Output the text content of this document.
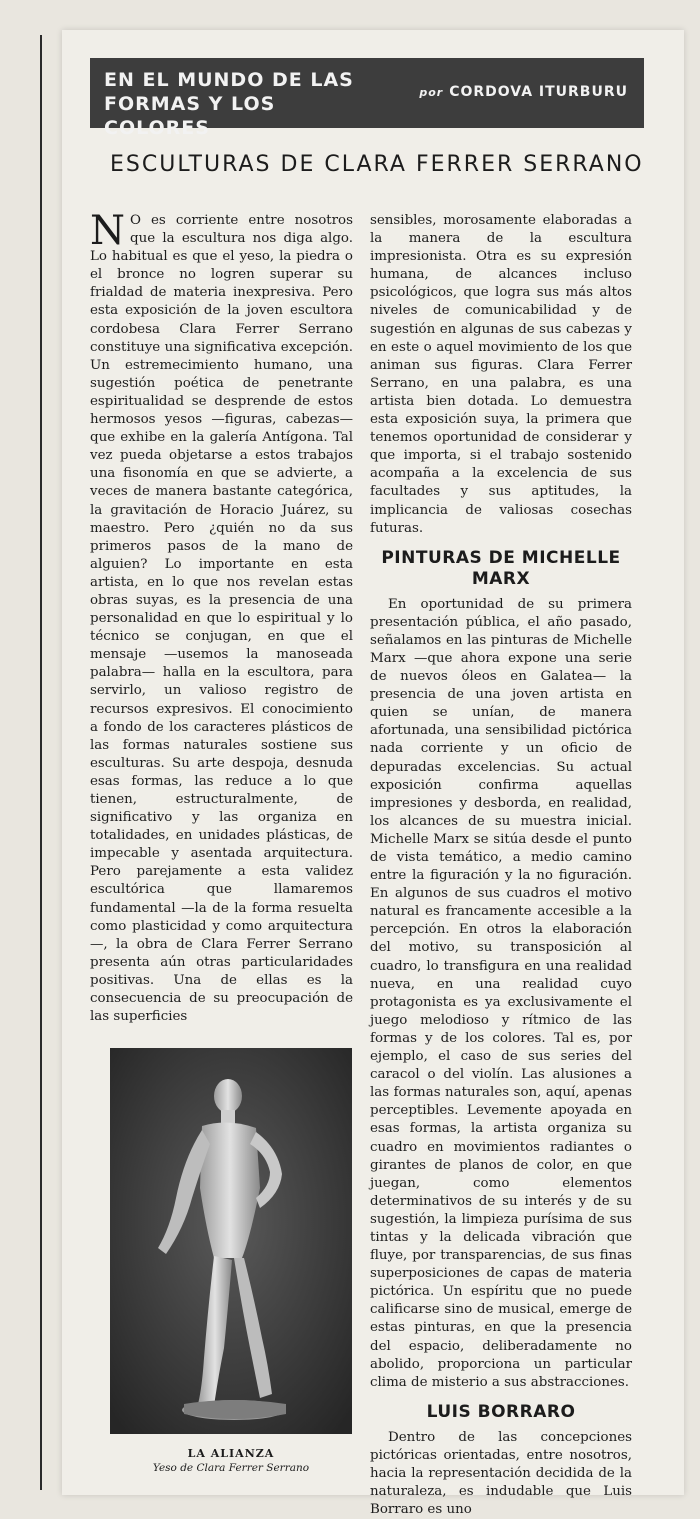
EN EL MUNDO DE LAS FORMAS Y LOS COLORES
por CORDOVA ITURBURU
ESCULTURAS DE CLARA FERRER SERRANO

N O es corriente entre nosotros que la escultura nos diga algo. Lo habitual es que el yeso, la piedra o el bronce no logren superar su frialdad de materia inexpresiva. Pero esta exposición de la joven escultora cordobesa Clara Ferrer Serrano constituye una significativa excepción. Un estremecimiento humano, una sugestión poética de penetrante espiritualidad se desprende de estos hermosos yesos —figuras, cabezas— que exhibe en la galería Antígona. Tal vez pueda objetarse a estos trabajos una fisonomía en que se advierte, a veces de manera bastante categórica, la gravitación de Horacio Juárez, su maestro. Pero ¿quién no da sus primeros pasos de la mano de alguien? Lo importante en esta artista, en lo que nos revelan estas obras suyas, es la presencia de una personalidad en que lo espiritual y lo técnico se conjugan, en que el mensaje —usemos la manoseada palabra— halla en la escultora, para servirlo, un valioso registro de recursos expresivos. El conocimiento a fondo de los caracteres plásticos de las formas naturales sostiene sus esculturas. Su arte despoja, desnuda esas formas, las reduce a lo que tienen, estructuralmente, de significativo y las organiza en totalidades, en unidades plásticas, de impecable y asentada arquitectura. Pero parejamente a esta validez escultórica que llamaremos fundamental —la de la forma resuelta como plasticidad y como arquitectura—, la obra de Clara Ferrer Serrano presenta aún otras particularidades positivas. Una de ellas es la consecuencia de su preocupación de las superficies

sensibles, morosamente elaboradas a la manera de la escultura impresionista. Otra es su expresión humana, de alcances incluso psicológicos, que logra sus más altos niveles de comunicabilidad y de sugestión en algunas de sus cabezas y en este o aquel movimiento de los que animan sus figuras. Clara Ferrer Serrano, en una palabra, es una artista bien dotada. Lo demuestra esta exposición suya, la primera que tenemos oportunidad de considerar y que importa, si el trabajo sostenido acompaña a la excelencia de sus facultades y sus aptitudes, la implicancia de valiosas cosechas futuras.

PINTURAS DE MICHELLE MARX

En oportunidad de su primera presentación pública, el año pasado, señalamos en las pinturas de Michelle Marx —que ahora expone una serie de nuevos óleos en Galatea— la presencia de una joven artista en quien se unían, de manera afortunada, una sensibilidad pictórica nada corriente y un oficio de depuradas excelencias. Su actual exposición confirma aquellas impresiones y desborda, en realidad, los alcances de su muestra inicial. Michelle Marx se sitúa desde el punto de vista temático, a medio camino entre la figuración y la no figuración. En algunos de sus cuadros el motivo natural es francamente accesible a la percepción. En otros la elaboración del motivo, su transposición al cuadro, lo transfigura en una realidad nueva, en una realidad cuyo protagonista es ya exclusivamente el juego melodioso y rítmico de las formas y de los colores. Tal es, por ejemplo, el caso de sus series del caracol o del violín. Las alusiones a las formas naturales son, aquí, apenas perceptibles. Levemente apoyada en esas formas, la artista organiza su cuadro en movimientos radiantes o girantes de planos de color, en que juegan, como elementos determinativos de su interés y de su sugestión, la limpieza purísima de sus tintas y la delicada vibración que fluye, por transparencias, de sus finas superposiciones de capas de materia pictórica. Un espíritu que no puede calificarse sino de musical, emerge de estas pinturas, en que la presencia del espacio, deliberadamente no abolido, proporciona un particular clima de misterio a sus abstracciones.

LUIS BORRARO

Dentro de las concepciones pictóricas orientadas, entre nosotros, hacia la representación decidida de la naturaleza, es indudable que Luis Borraro es uno

LA ALIANZA
Yeso de Clara Ferrer Serrano
